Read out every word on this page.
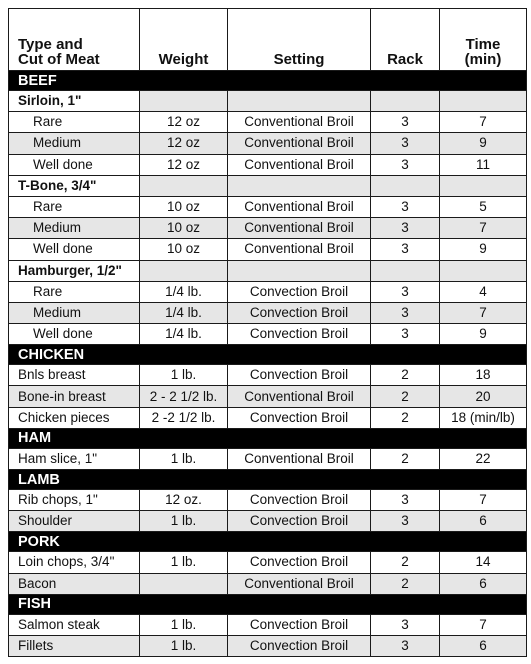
Type and
Cut of Meat	Weight	Setting	Rack	Time
(min)
BEEF				
Sirloin, 1"				
Rare	12 oz	Conventional Broil	3	7
Medium	12 oz	Conventional Broil	3	9
Well done	12 oz	Conventional Broil	3	11
T-Bone, 3/4"				
Rare	10 oz	Conventional Broil	3	5
Medium	10 oz	Conventional Broil	3	7
Well done	10 oz	Conventional Broil	3	9
Hamburger, 1/2"				
Rare	1/4 lb.	Convection Broil	3	4
Medium	1/4 lb.	Convection Broil	3	7
Well done	1/4 lb.	Convection Broil	3	9
CHICKEN				
Bnls breast	1 lb.	Convection Broil	2	18
Bone-in breast	2 - 2 1/2 lb.	Conventional Broil	2	20
Chicken pieces	2 -2 1/2 lb.	Convection Broil	2	18 (min/lb)
HAM				
Ham slice, 1"	1 lb.	Conventional Broil	2	22
LAMB				
Rib chops, 1"	12 oz.	Convection Broil	3	7
Shoulder	1 lb.	Convection Broil	3	6
PORK				
Loin chops, 3/4"	1 lb.	Convection Broil	2	14
Bacon		Conventional Broil	2	6
FISH				
Salmon steak	1 lb.	Convection Broil	3	7
Fillets	1 lb.	Convection Broil	3	6
